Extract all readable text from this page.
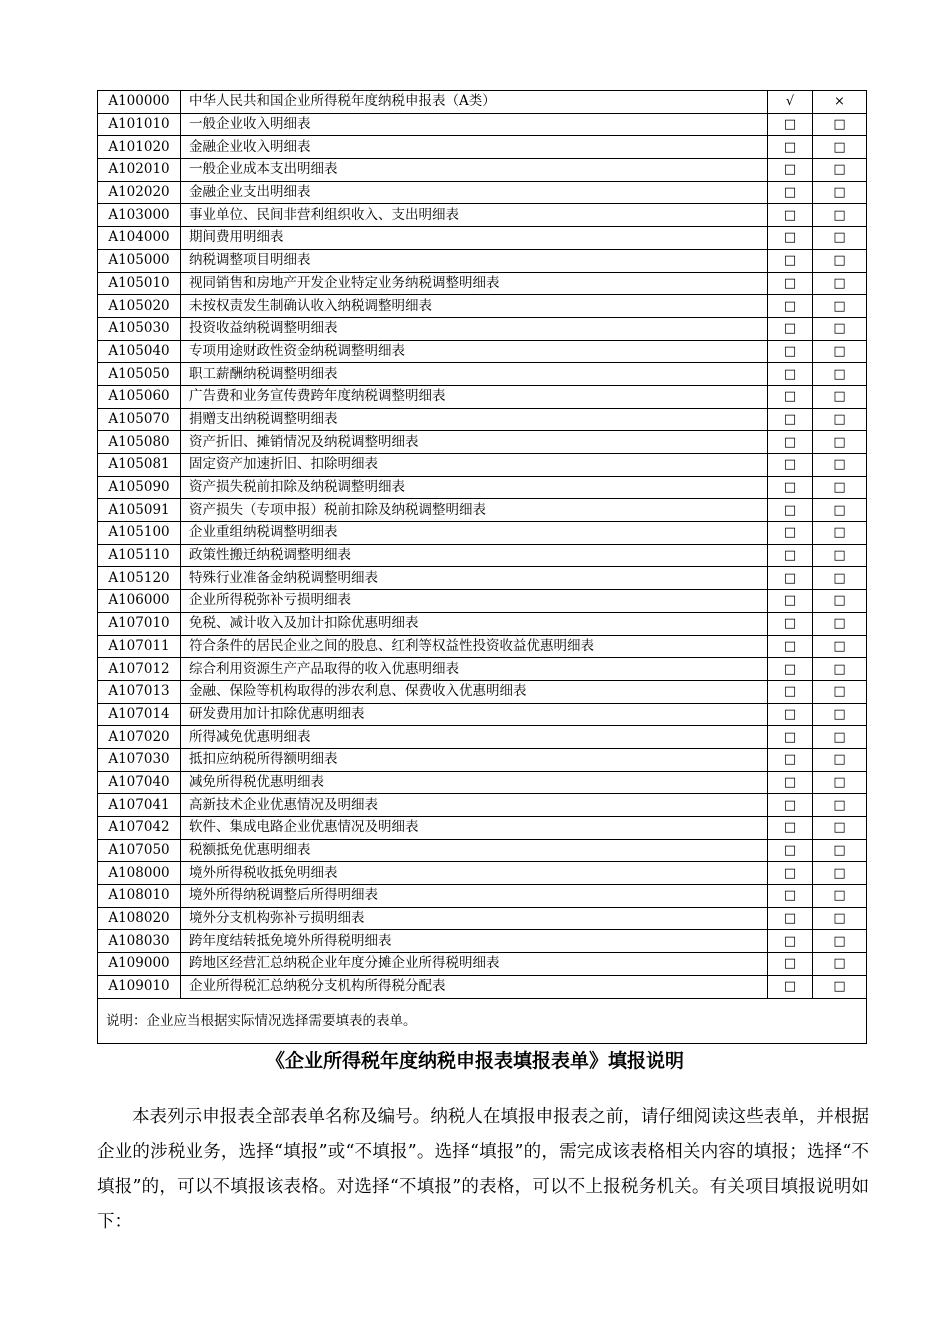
A100000	中华人民共和国企业所得税年度纳税申报表（A类）	√	×
A101010	一般企业收入明细表	□	□
A101020	金融企业收入明细表	□	□
A102010	一般企业成本支出明细表	□	□
A102020	金融企业支出明细表	□	□
A103000	事业单位、民间非营利组织收入、支出明细表	□	□
A104000	期间费用明细表	□	□
A105000	纳税调整项目明细表	□	□
A105010	视同销售和房地产开发企业特定业务纳税调整明细表	□	□
A105020	未按权责发生制确认收入纳税调整明细表	□	□
A105030	投资收益纳税调整明细表	□	□
A105040	专项用途财政性资金纳税调整明细表	□	□
A105050	职工薪酬纳税调整明细表	□	□
A105060	广告费和业务宣传费跨年度纳税调整明细表	□	□
A105070	捐赠支出纳税调整明细表	□	□
A105080	资产折旧、摊销情况及纳税调整明细表	□	□
A105081	固定资产加速折旧、扣除明细表	□	□
A105090	资产损失税前扣除及纳税调整明细表	□	□
A105091	资产损失（专项申报）税前扣除及纳税调整明细表	□	□
A105100	企业重组纳税调整明细表	□	□
A105110	政策性搬迁纳税调整明细表	□	□
A105120	特殊行业准备金纳税调整明细表	□	□
A106000	企业所得税弥补亏损明细表	□	□
A107010	免税、减计收入及加计扣除优惠明细表	□	□
A107011	符合条件的居民企业之间的股息、红利等权益性投资收益优惠明细表	□	□
A107012	综合利用资源生产产品取得的收入优惠明细表	□	□
A107013	金融、保险等机构取得的涉农利息、保费收入优惠明细表	□	□
A107014	研发费用加计扣除优惠明细表	□	□
A107020	所得减免优惠明细表	□	□
A107030	抵扣应纳税所得额明细表	□	□
A107040	减免所得税优惠明细表	□	□
A107041	高新技术企业优惠情况及明细表	□	□
A107042	软件、集成电路企业优惠情况及明细表	□	□
A107050	税额抵免优惠明细表	□	□
A108000	境外所得税收抵免明细表	□	□
A108010	境外所得纳税调整后所得明细表	□	□
A108020	境外分支机构弥补亏损明细表	□	□
A108030	跨年度结转抵免境外所得税明细表	□	□
A109000	跨地区经营汇总纳税企业年度分摊企业所得税明细表	□	□
A109010	企业所得税汇总纳税分支机构所得税分配表	□	□
说明：企业应当根据实际情况选择需要填表的表单。			
《企业所得税年度纳税申报表填报表单》填报说明

本表列示申报表全部表单名称及编号。纳税人在填报申报表之前，请仔细阅读这些表单，并根据企业的涉税业务，选择“填报”或“不填报”。选择“填报”的，需完成该表格相关内容的填报；选择“不填报”的，可以不填报该表格。对选择“不填报”的表格，可以不上报税务机关。有关项目填报说明如下：
